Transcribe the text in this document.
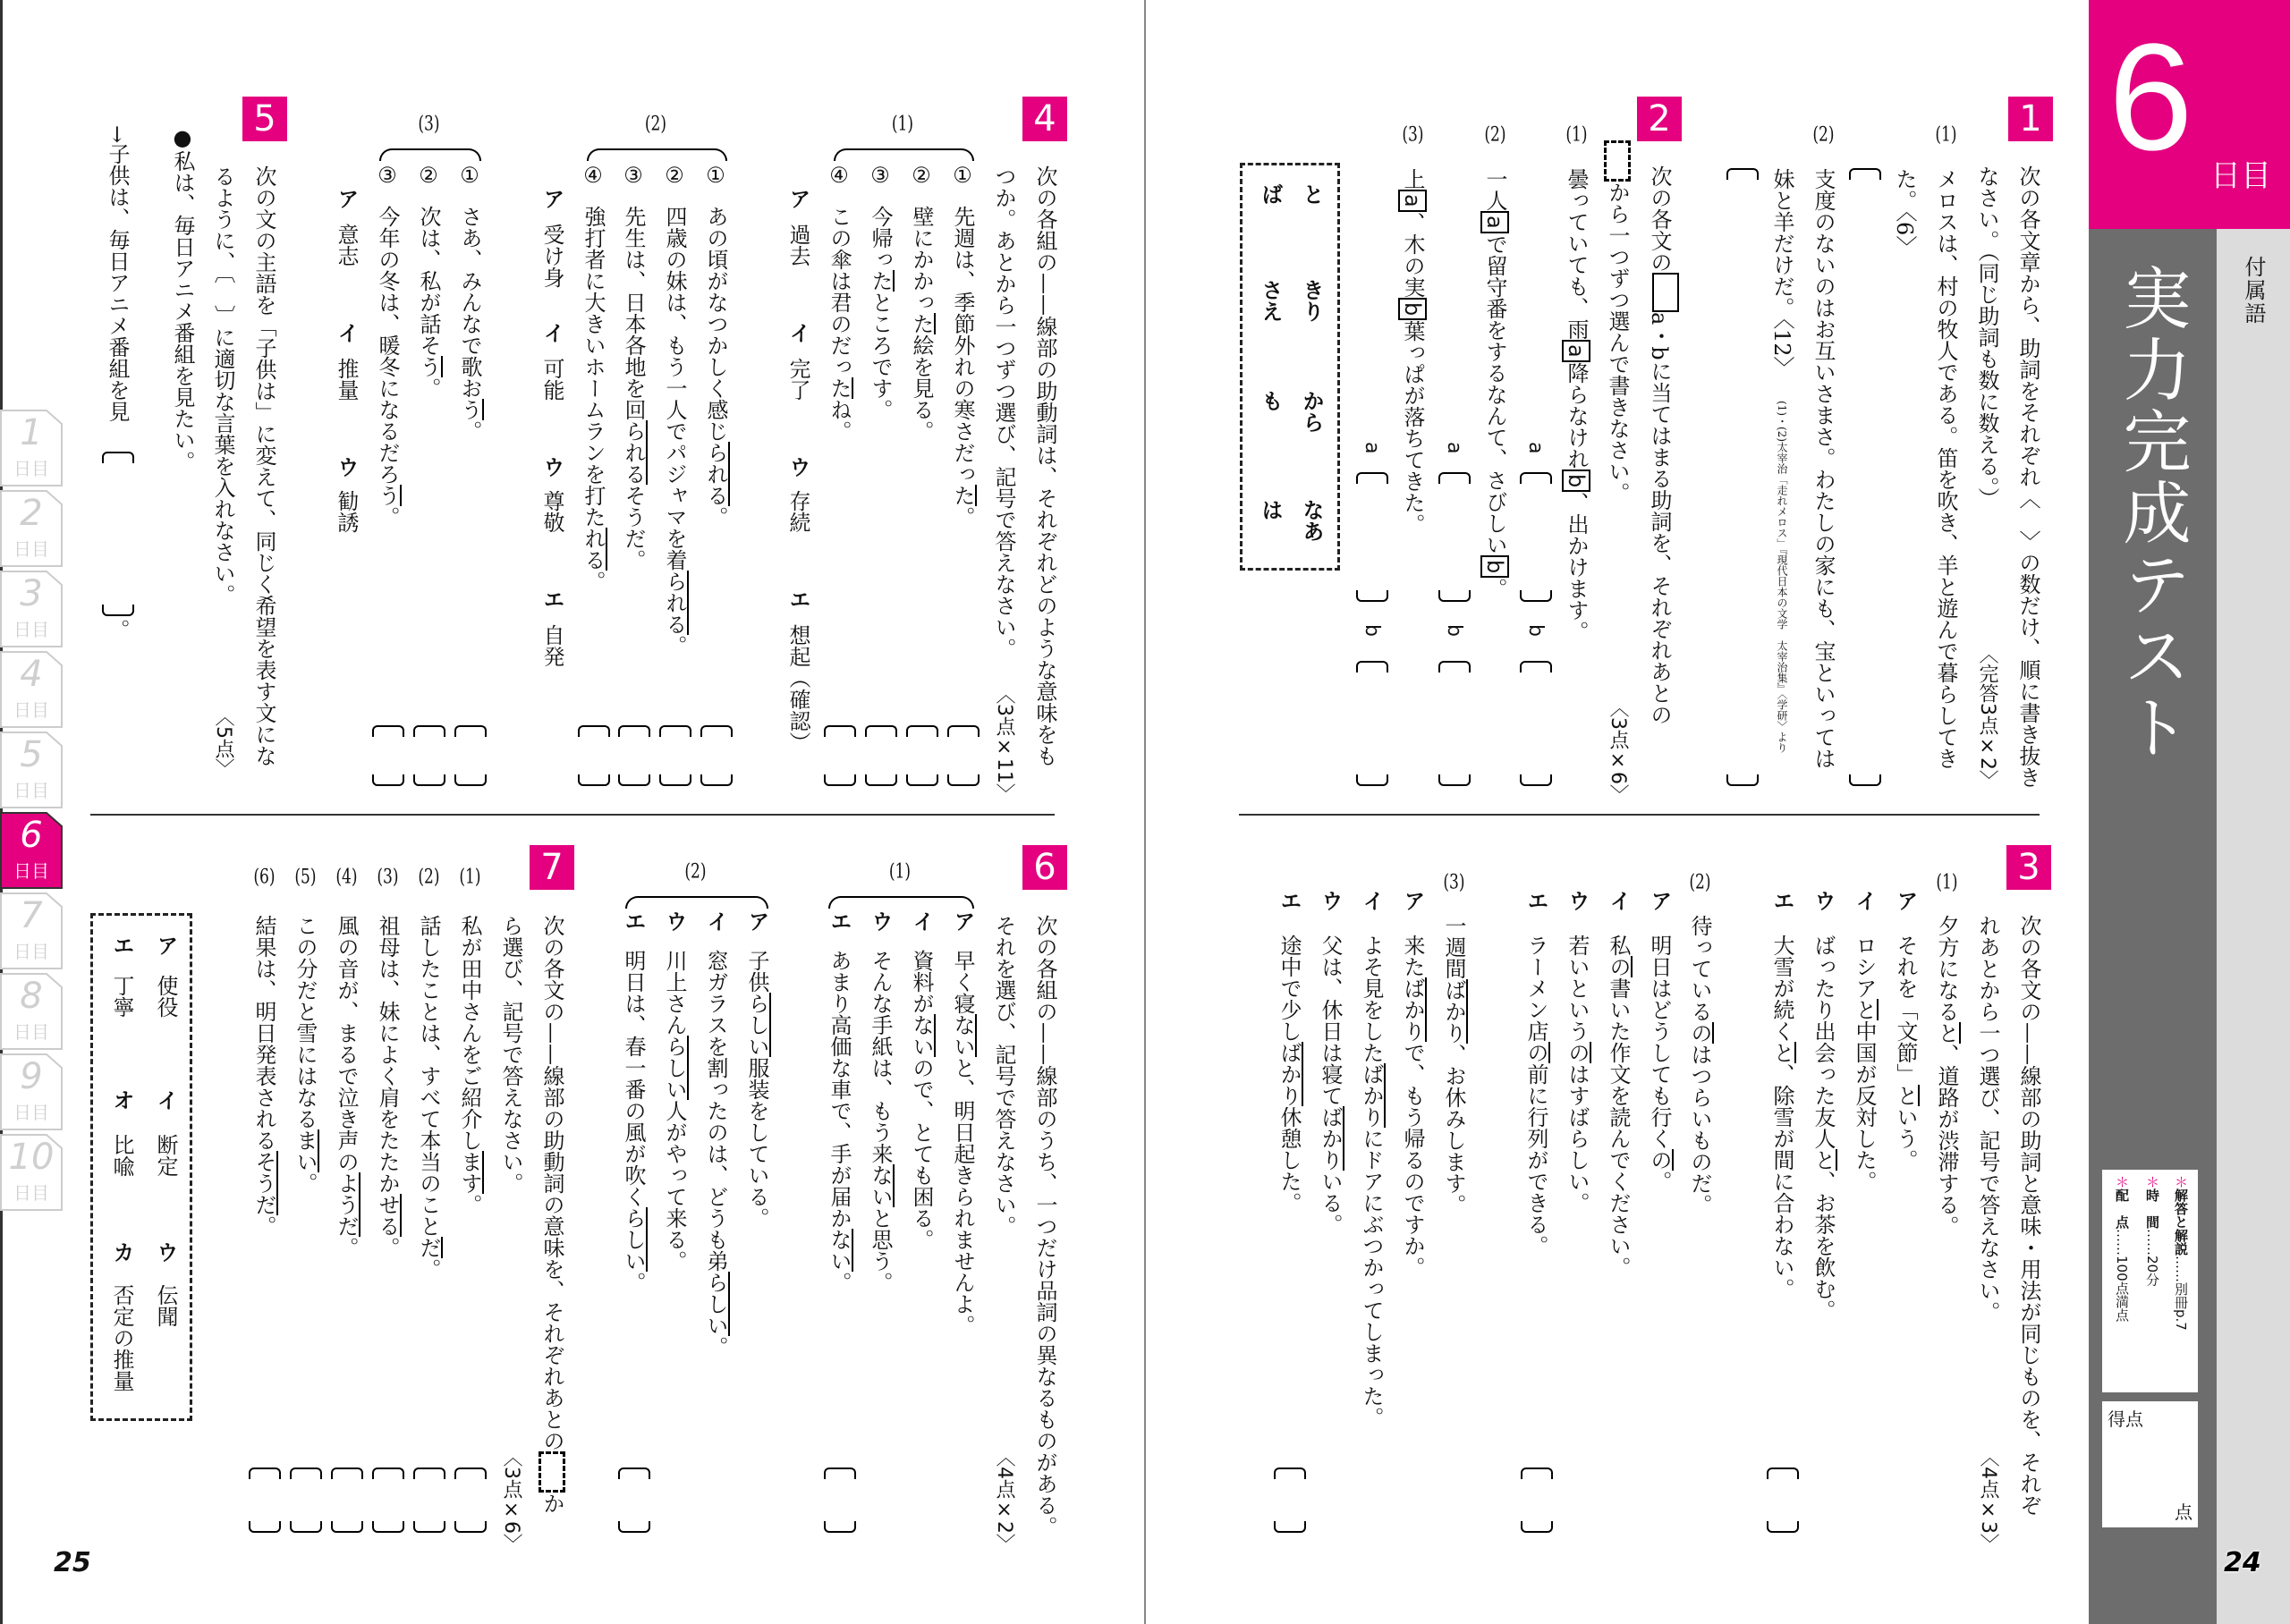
6 日目
実力完成テスト
＊解答と解説……別冊p.7
＊時　間……20分
＊配　点……100点満点
得点
点
付属語
24
25
1
日目
2
日目
3
日目
4
日目
5
日目
6
日目
7
日目
8
日目
9
日目
10
日目
1
次の各文章から、助詞をそれぞれ〈　〉の数だけ、順に書き抜き
なさい。（同じ助詞も数に数える。）
〈完答3点×2〉
(1)
メロスは、村の牧人である。笛を吹き、羊と遊んで暮らしてき
た。〈6〉
(2)
支度のないのはお互いさまさ。わたしの家にも、宝といっては
妹と羊だけだ。〈12〉
(1)・(2)太宰治「走れメロス」『現代日本の文学　太宰治集』〈学研〉より
2
次の各文のa・bに当てはまる助詞を、それぞれあとの
から一つずつ選んで書きなさい。
〈3点×6〉
(1)
曇っていても、雨a降らなけれb、出かけます。
(2)
一人aで留守番をするなんて、さびしいb。
(3)
上a、木の実b葉っぱが落ちてきた。	a
b
a
b
a
b
と
きり
から
なあ
ば
さえ
も
は
3
次の各文の——線部の助詞と意味・用法が同じものを、それぞ
れあとから一つ選び、記号で答えなさい。
〈4点×3〉
4
次の各組の——線部の助動詞は、それぞれどのような意味をも
つか。あとから一つずつ選び、記号で答えなさい。
〈3点×11〉
5
次の文の主語を「子供は」に変えて、同じく希望を表す文にな
るように、〔　〕に適切な言葉を入れなさい。
〈5点〉
●私は、毎日アニメ番組を見たい。
→子供は、毎日アニメ番組を見
。
6
次の各組の——線部のうち、一つだけ品詞の異なるものがある。
それを選び、記号で答えなさい。
〈4点×2〉
7
次の各文の——線部の助動詞の意味を、それぞれあとのか
ら選び、記号で答えなさい。
〈3点×6〉
(1)
夕方になると、道路が渋滞する。
ア
それを「文節」という。
イ
ロシアと中国が反対した。
ウ
ばったり出会った友人と、お茶を飲む。
エ
大雪が続くと、除雪が間に合わない。
(2)
待っているのはつらいものだ。
ア
明日はどうしても行くの。
イ
私の書いた作文を読んでください。
ウ
若いというのはすばらしい。
エ
ラーメン店の前に行列ができる。
(3)
一週間ばかり、お休みします。
ア
来たばかりで、もう帰るのですか。
イ
よそ見をしたばかりにドアにぶつかってしまった。
ウ
父は、休日は寝てばかりいる。
エ
途中で少しばかり休憩した。
(1)
①
先週は、季節外れの寒さだった。
②
壁にかかった絵を見る。
③
今帰ったところです。
④
この傘は君のだったね。
ア
過去
イ
完了
ウ
存続
エ
想起（確認）
(2)
①
あの頃がなつかしく感じられる。
②
四歳の妹は、もう一人でパジャマを着られる。
③
先生は、日本各地を回られるそうだ。
④
強打者に大きいホームランを打たれる。
ア
受け身
イ
可能
ウ
尊敬
エ
自発
(3)
①
さあ、みんなで歌おう。
②
次は、私が話そう。
③
今年の冬は、暖冬になるだろう。
ア
意志
イ
推量
ウ
勧誘
(1)
ア
早く寝ないと、明日起きられませんよ。
イ
資料がないので、とても困る。
ウ
そんな手紙は、もう来ないと思う。
エ
あまり高価な車で、手が届かない。
(2)
ア
子供らしい服装をしている。
イ
窓ガラスを割ったのは、どうも弟らしい。
ウ
川上さんらしい人がやって来る。
エ
明日は、春一番の風が吹くらしい。
(1)
私が田中さんをご紹介します。
(2)
話したことは、すべて本当のことだ。
(3)
祖母は、妹によく肩をたたかせる。
(4)
風の音が、まるで泣き声のようだ。
(5)
この分だと雪にはなるまい。
(6)
結果は、明日発表されるそうだ。
ア
使役
イ
断定
ウ
伝聞
エ
丁寧
オ
比喩
カ
否定の推量
